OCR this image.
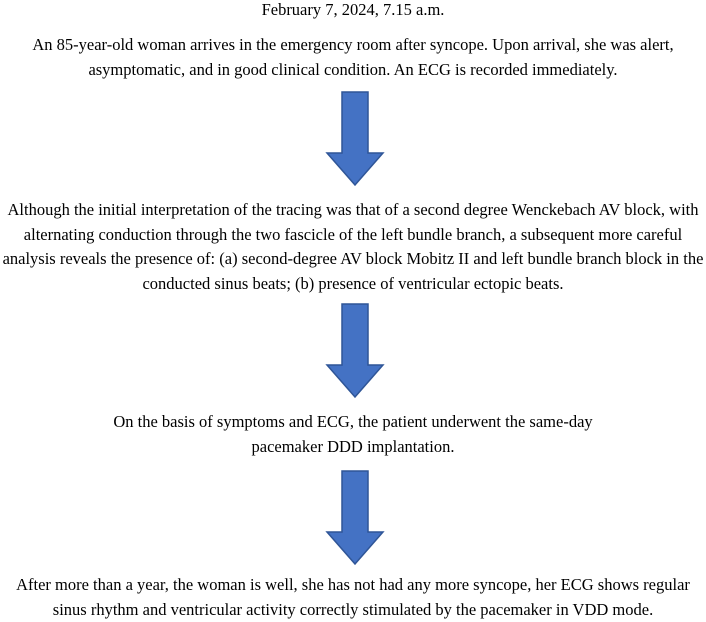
February 7, 2024, 7.15 a.m.

An 85-year-old woman arrives in the emergency room after syncope. Upon arrival, she was alert, asymptomatic, and in good clinical condition. An ECG is recorded immediately.

Although the initial interpretation of the tracing was that of a second degree Wenckebach AV block, with alternating conduction through the two fascicle of the left bundle branch, a subsequent more careful analysis reveals the presence of: (a) second-degree AV block Mobitz II and left bundle branch block in the conducted sinus beats; (b) presence of ventricular ectopic beats.

On the basis of symptoms and ECG, the patient underwent the same-day pacemaker DDD implantation.

After more than a year, the woman is well, she has not had any more syncope, her ECG shows regular sinus rhythm and ventricular activity correctly stimulated by the pacemaker in VDD mode.
